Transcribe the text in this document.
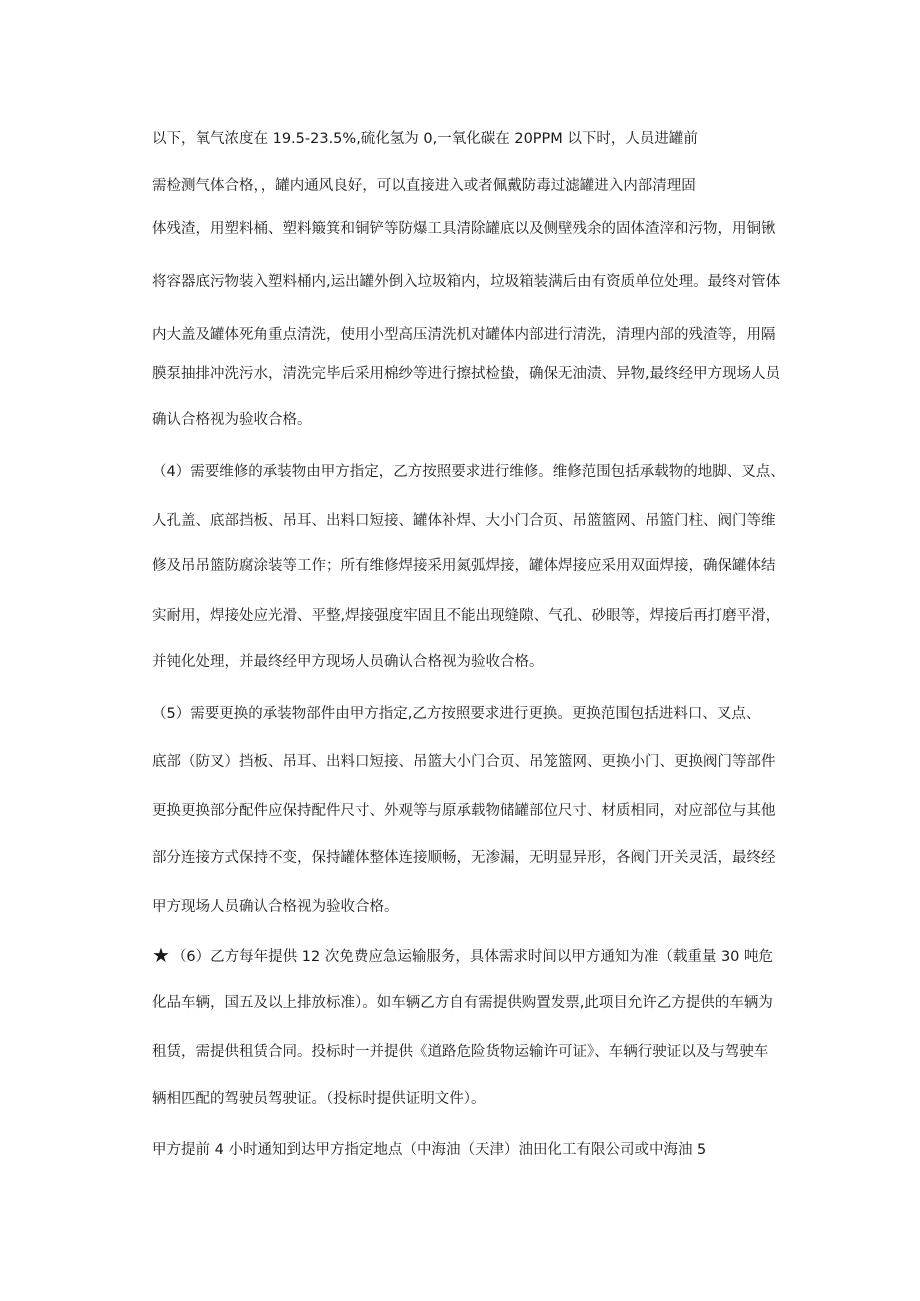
以下，氧气浓度在 19.5-23.5%,硫化氢为 0,一氧化碳在 20PPM 以下时，人员进罐前
需检测气体合格，，罐内通风良好，可以直接进入或者佩戴防毒过滤罐进入内部清理固
体残渣，用塑料桶、塑料簸箕和铜铲等防爆工具清除罐底以及侧壁残余的固体渣滓和污物，用铜锹
将容器底污物装入塑料桶内,运出罐外倒入垃圾箱内，垃圾箱装满后由有资质单位处理。最终对管体
内大盖及罐体死角重点清洗，使用小型高压清洗机对罐体内部进行清洗，清理内部的残渣等，用隔
膜泵抽排冲洗污水，清洗完毕后采用棉纱等进行擦拭检蛰，确保无油渍、异物,最终经甲方现场人员
确认合格视为验收合格。
（4）需要维修的承装物由甲方指定，乙方按照要求进行维修。维修范围包括承载物的地脚、叉点、
人孔盖、底部挡板、吊耳、出料口短接、罐体补焊、大小门合页、吊篮篮网、吊篮门柱、阀门等维
修及吊吊篮防腐涂装等工作；所有维修焊接采用氮弧焊接，罐体焊接应采用双面焊接，确保罐体结
实耐用，焊接处应光滑、平整,焊接强度牢固且不能出现缝隙、气孔、砂眼等，焊接后再打磨平滑，
并钝化处理，并最终经甲方现场人员确认合格视为验收合格。
（5）需要更换的承装物部件由甲方指定,乙方按照要求进行更换。更换范围包括进料口、叉点、
底部（防叉）挡板、吊耳、出料口短接、吊篮大小门合页、吊笼篮网、更换小门、更换阀门等部件
更换更换部分配件应保持配件尺寸、外观等与原承载物储罐部位尺寸、材质相同，对应部位与其他
部分连接方式保持不变，保持罐体整体连接顺畅，无渗漏，无明显异形，各阀门开关灵活，最终经
甲方现场人员确认合格视为验收合格。
★ （6）乙方每年提供 12 次免费应急运输服务，具体需求时间以甲方通知为准（载重量 30 吨危
化品车辆，国五及以上排放标准）。如车辆乙方自有需提供购置发票,此项目允许乙方提供的车辆为
租赁，需提供租赁合同。投标时一并提供《道路危险货物运输许可证》、车辆行驶证以及与驾驶车
辆相匹配的驾驶员驾驶证。（投标时提供证明文件）。
甲方提前 4 小时通知到达甲方指定地点（中海油（天津）油田化工有限公司或中海油 5
